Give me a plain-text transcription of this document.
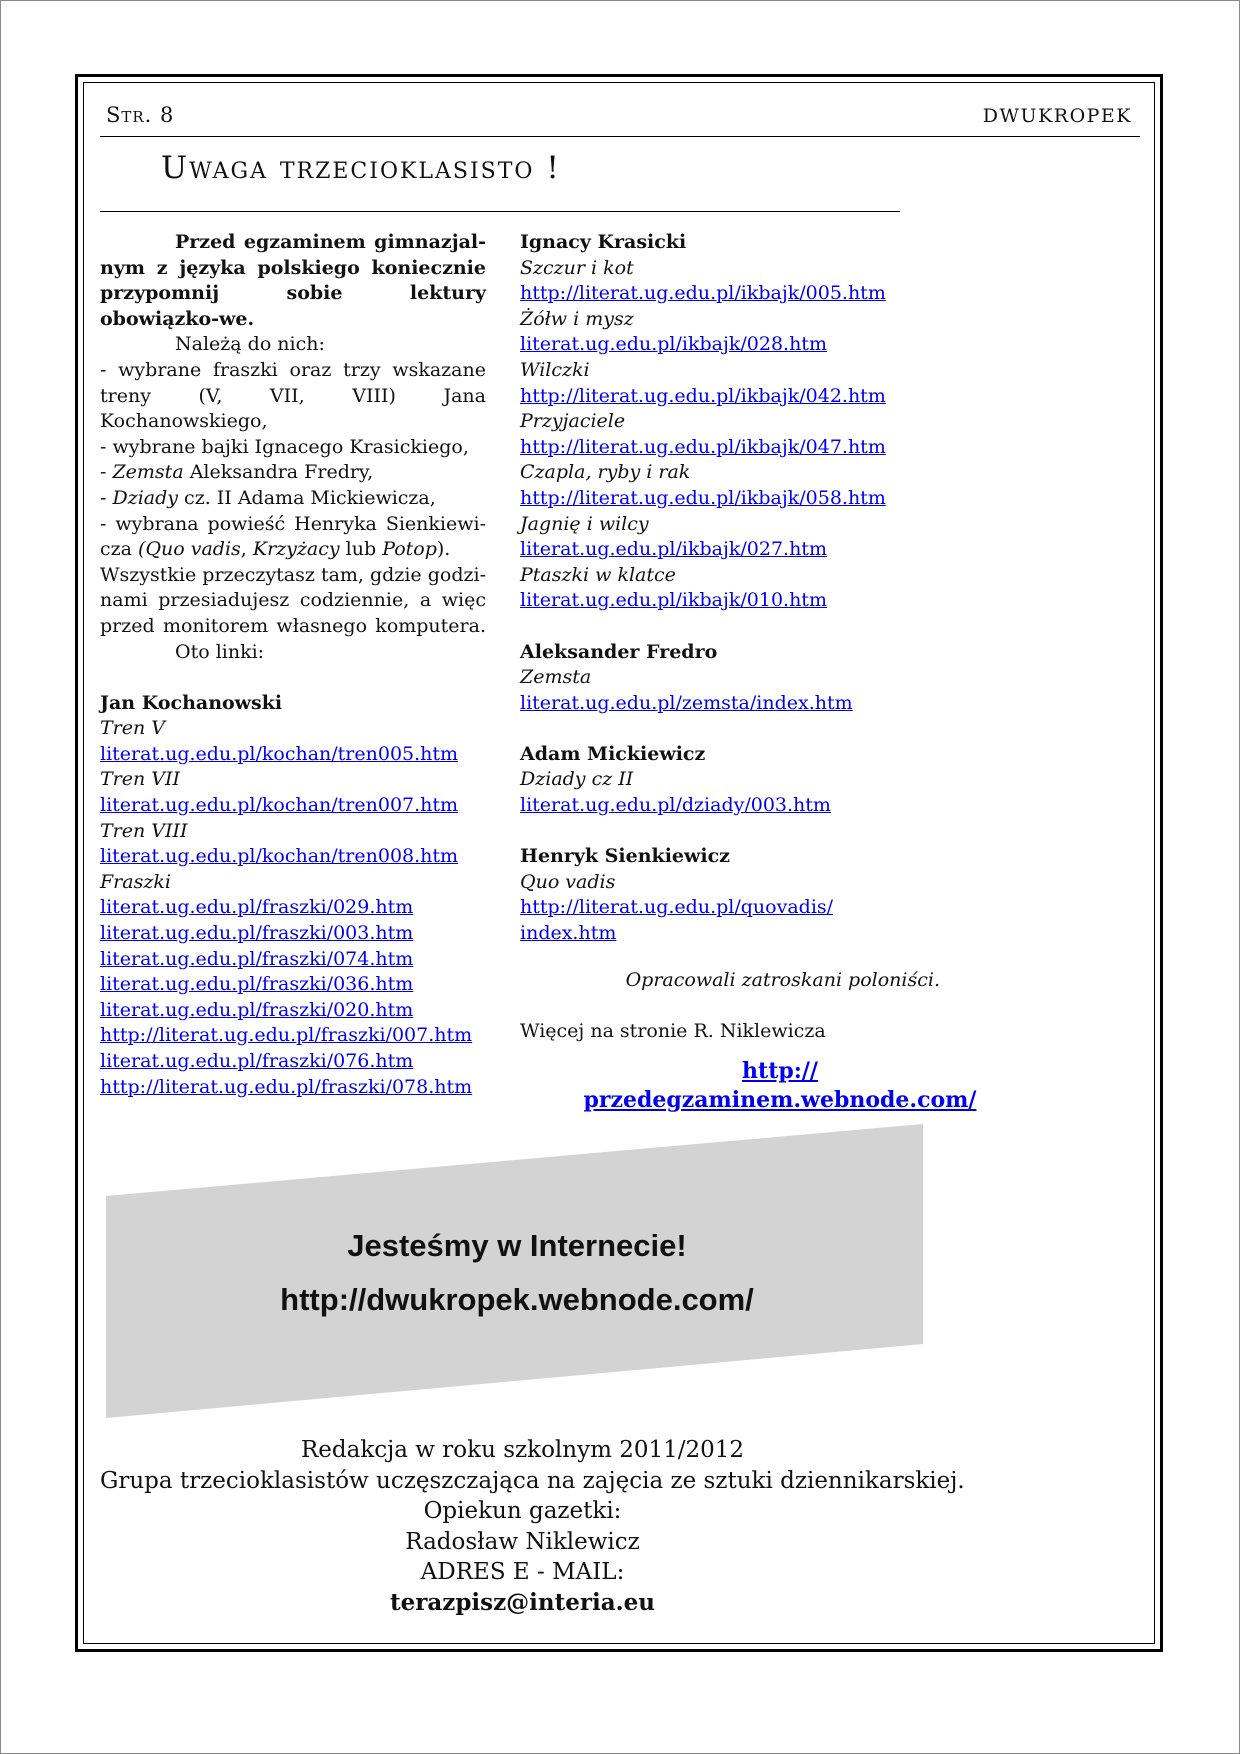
Str. 8	DWUKROPEK
Uwaga trzecioklasisto !

Przed egzaminem gimnazjal-nym z języka polskiego koniecznie przypomnij sobie lektury obowiązko-we.

Należą do nich:

- wybrane fraszki oraz trzy wskazane treny (V, VII, VIII) Jana Kochanowskiego,

- wybrane bajki Ignacego Krasickiego,

- Zemsta Aleksandra Fredry,

- Dziady cz. II Adama Mickiewicza,

- wybrana powieść Henryka Sienkiewi-cza (Quo vadis, Krzyżacy lub Potop).

Wszystkie przeczytasz tam, gdzie godzi-nami przesiadujesz codziennie, a więc przed monitorem własnego komputera.

Oto linki:

Jan Kochanowski

Tren V

literat.ug.edu.pl/kochan/tren005.htm

Tren VII

literat.ug.edu.pl/kochan/tren007.htm

Tren VIII

literat.ug.edu.pl/kochan/tren008.htm

Fraszki

literat.ug.edu.pl/fraszki/029.htm

literat.ug.edu.pl/fraszki/003.htm

literat.ug.edu.pl/fraszki/074.htm

literat.ug.edu.pl/fraszki/036.htm

literat.ug.edu.pl/fraszki/020.htm

http://literat.ug.edu.pl/fraszki/007.htm

literat.ug.edu.pl/fraszki/076.htm

http://literat.ug.edu.pl/fraszki/078.htm

Ignacy Krasicki

Szczur i kot

http://literat.ug.edu.pl/ikbajk/005.htm

Żółw i mysz

literat.ug.edu.pl/ikbajk/028.htm

Wilczki

http://literat.ug.edu.pl/ikbajk/042.htm

Przyjaciele

http://literat.ug.edu.pl/ikbajk/047.htm

Czapla, ryby i rak

http://literat.ug.edu.pl/ikbajk/058.htm

Jagnię i wilcy

literat.ug.edu.pl/ikbajk/027.htm

Ptaszki w klatce

literat.ug.edu.pl/ikbajk/010.htm

Aleksander Fredro

Zemsta

literat.ug.edu.pl/zemsta/index.htm

Adam Mickiewicz

Dziady cz II

literat.ug.edu.pl/dziady/003.htm

Henryk Sienkiewicz

Quo vadis

http://literat.ug.edu.pl/quovadis/

index.htm

Opracowali zatroskani poloniści.
Więcej na stronie R. Niklewicza
http://
przedegzaminem.webnode.com/
Jesteśmy w Internecie!
http://dwukropek.webnode.com/
Redakcja w roku szkolnym 2011/2012
Grupa trzecioklasistów uczęszczająca na zajęcia ze sztuki dziennikarskiej.
Opiekun gazetki:
Radosław Niklewicz
ADRES E - MAIL:
terazpisz@interia.eu
